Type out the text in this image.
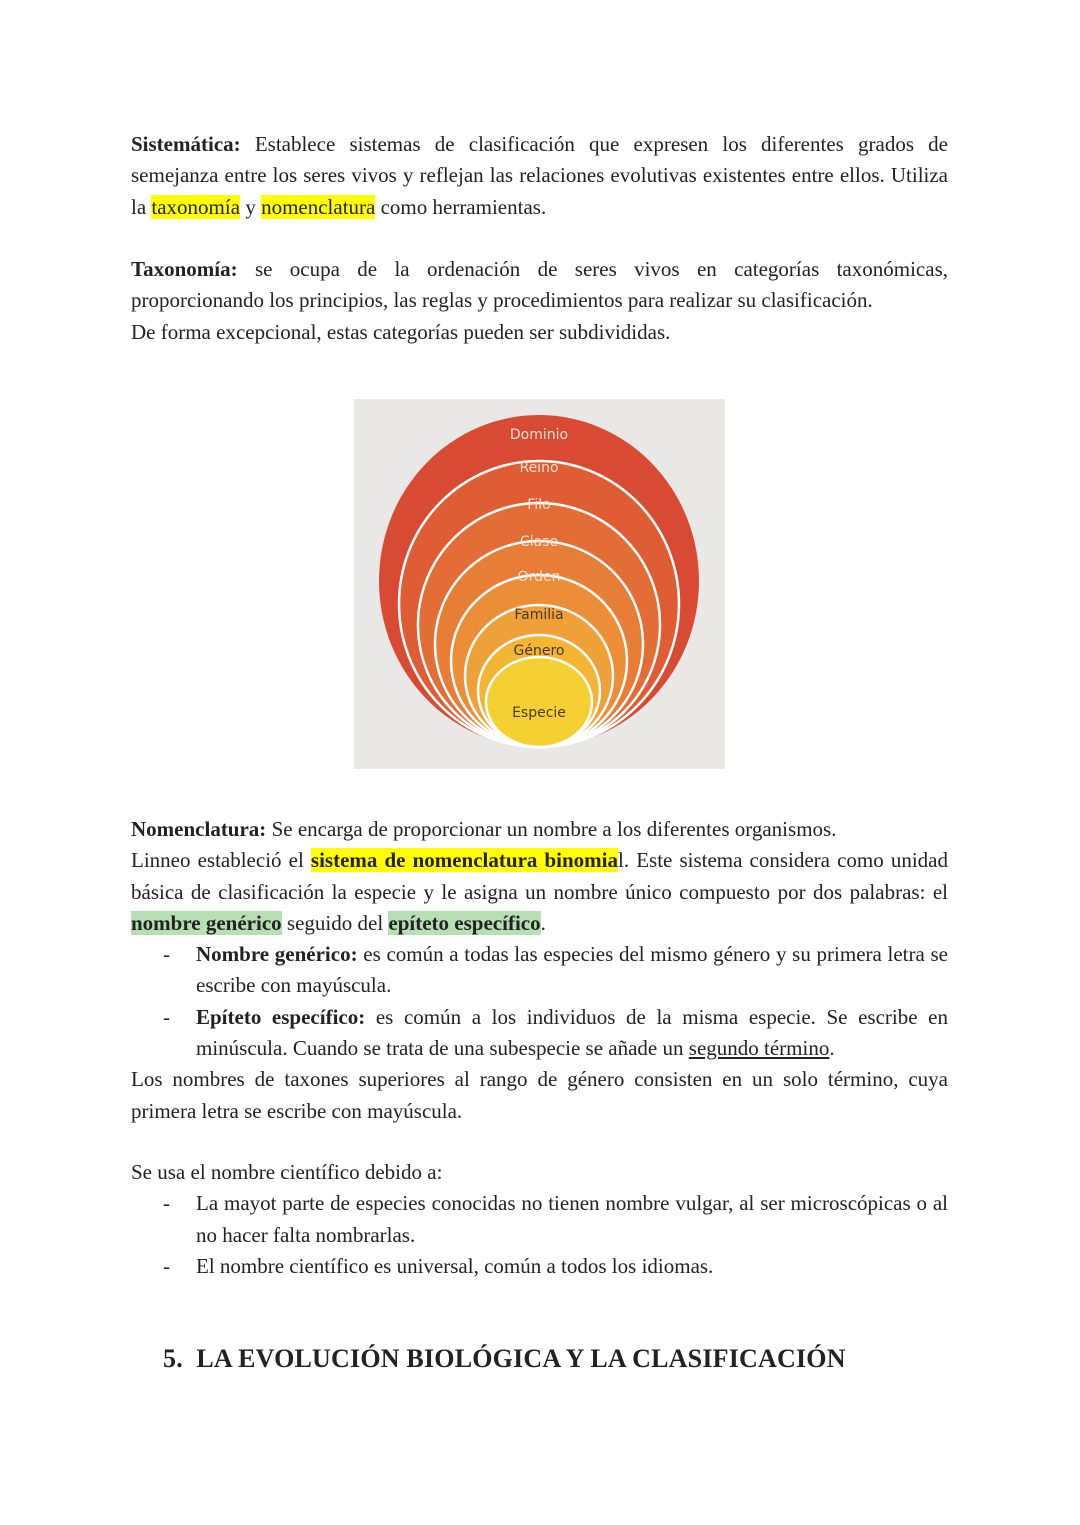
Sistemática: Establece sistemas de clasificación que expresen los diferentes grados de semejanza entre los seres vivos y reflejan las relaciones evolutivas existentes entre ellos. Utiliza la taxonomía y nomenclatura como herramientas.

Taxonomía: se ocupa de la ordenación de seres vivos en categorías taxonómicas, proporcionando los principios, las reglas y procedimientos para realizar su clasificación.
De forma excepcional, estas categorías pueden ser subdivididas.
Dominio
Reino
Filo
Clase
Orden
Familia
Género
Especie
Nomenclatura: Se encarga de proporcionar un nombre a los diferentes organismos.
Linneo estableció el sistema de nomenclatura binomial. Este sistema considera como unidad básica de clasificación la especie y le asigna un nombre único compuesto por dos palabras: el nombre genérico seguido del epíteto específico.
- Nombre genérico: es común a todas las especies del mismo género y su primera letra se escribe con mayúscula.
- Epíteto específico: es común a los individuos de la misma especie. Se escribe en minúscula. Cuando se trata de una subespecie se añade un segundo término.
Los nombres de taxones superiores al rango de género consisten en un solo término, cuya primera letra se escribe con mayúscula.
Se usa el nombre científico debido a:
- La mayot parte de especies conocidas no tienen nombre vulgar, al ser microscópicas o al no hacer falta nombrarlas.
- El nombre científico es universal, común a todos los idiomas.
5. LA EVOLUCIÓN BIOLÓGICA Y LA CLASIFICACIÓN
